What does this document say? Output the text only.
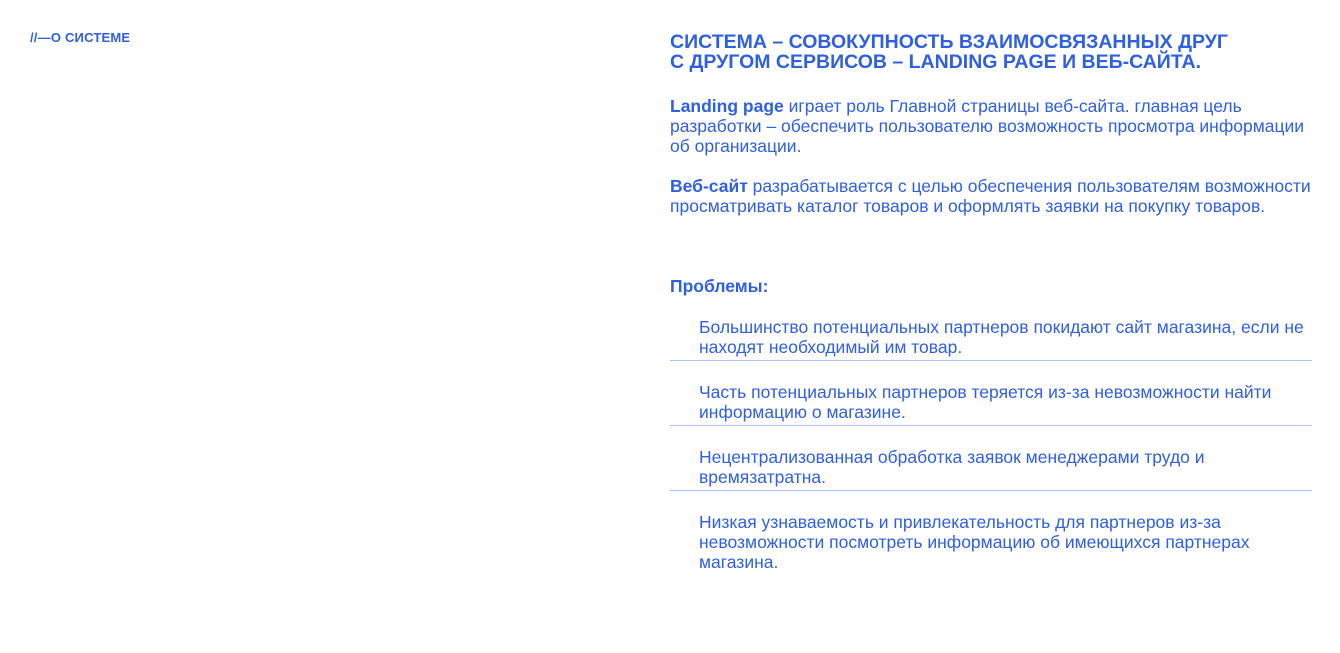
//—О СИСТЕМЕ	СИСТЕМА – СОВОКУПНОСТЬ ВЗАИМОСВЯЗАННЫХ ДРУГ
С ДРУГОМ СЕРВИСОВ – LANDING PAGE И ВЕБ-САЙТА.

Landing page играет роль Главной страницы веб-сайта. главная цель разработки – обеспечить пользователю возможность просмотра информации об организации.

Веб-сайт разрабатывается с целью обеспечения пользователям возможности просматривать каталог товаров и оформлять заявки на покупку товаров.

Проблемы:
Большинство потенциальных партнеров покидают сайт магазина, если не находят необходимый им товар.
Часть потенциальных партнеров теряется из-за невозможности найти информацию о магазине.
Нецентрализованная обработка заявок менеджерами трудо и времязатратна.
Низкая узнаваемость и привлекательность для партнеров из-за невозможности посмотреть информацию об имеющихся партнерах магазина.
